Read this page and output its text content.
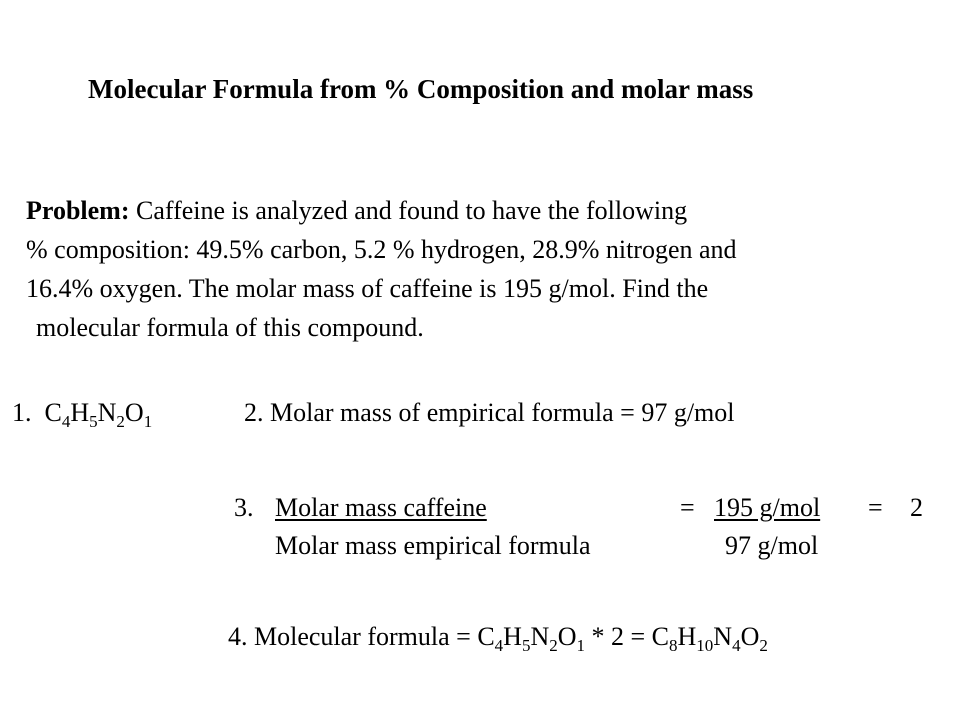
Molecular Formula from % Composition and molar mass
Problem: Caffeine is analyzed and found to have the following
% composition: 49.5% carbon, 5.2 % hydrogen, 28.9% nitrogen and
16.4% oxygen. The molar mass of caffeine is 195 g/mol. Find the
molecular formula of this compound.
1. $C_4H_5N_2O_1$	2. Molar mass of empirical formula = 97 g/mol
3. Molar mass caffeine	= 195 g/mol = 2
Molar mass empirical formula	97 g/mol
4. Molecular formula = $C_4H_5N_2O_1 * 2 = C_8H_{10}N_4O_2$
